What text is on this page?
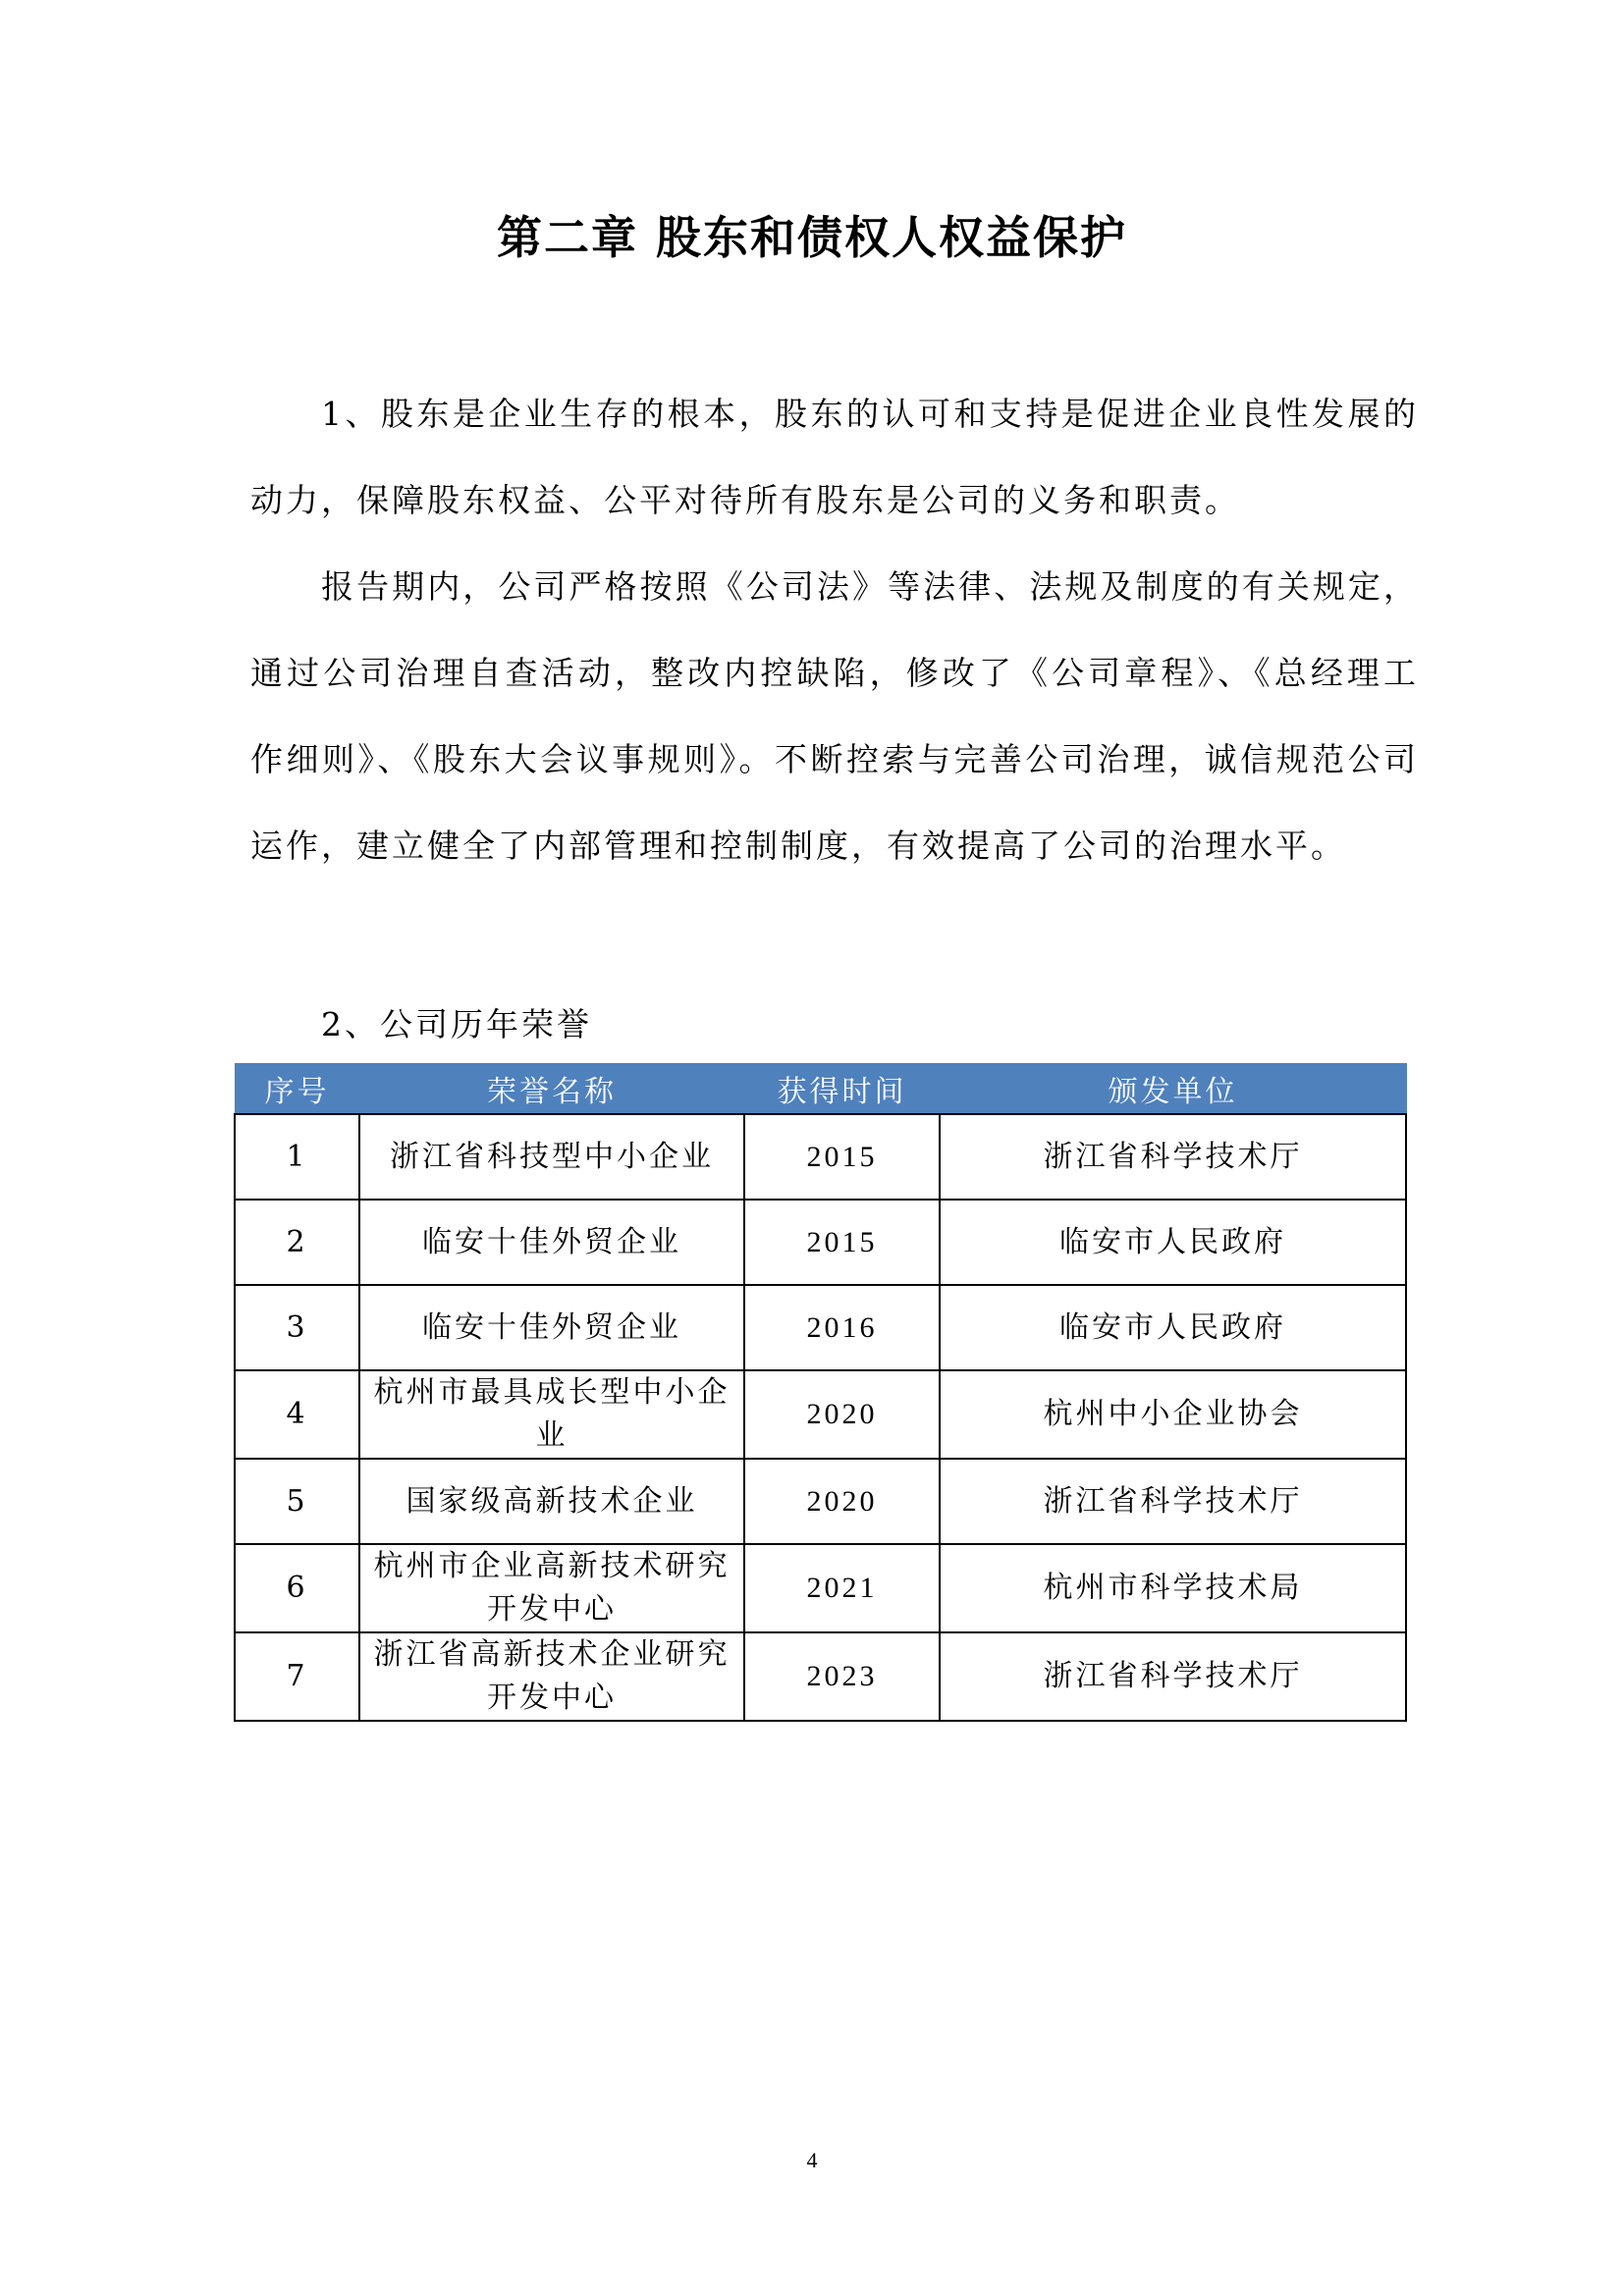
第二章 股东和债权人权益保护

1、股东是企业生存的根本，股东的认可和支持是促进企业良性发展的动力，保障股东权益、公平对待所有股东是公司的义务和职责。

报告期内，公司严格按照《公司法》等法律、法规及制度的有关规定，通过公司治理自查活动，整改内控缺陷，修改了《公司章程》、《总经理工作细则》、《股东大会议事规则》。不断控索与完善公司治理，诚信规范公司运作，建立健全了内部管理和控制制度，有效提高了公司的治理水平。

2、公司历年荣誉

序号	荣誉名称	获得时间	颁发单位
1	浙江省科技型中小企业	2015	浙江省科学技术厅
2	临安十佳外贸企业	2015	临安市人民政府
3	临安十佳外贸企业	2016	临安市人民政府
4	杭州市最具成长型中小企业	2020	杭州中小企业协会
5	国家级高新技术企业	2020	浙江省科学技术厅
6	杭州市企业高新技术研究开发中心	2021	杭州市科学技术局
7	浙江省高新技术企业研究开发中心	2023	浙江省科学技术厅
4
